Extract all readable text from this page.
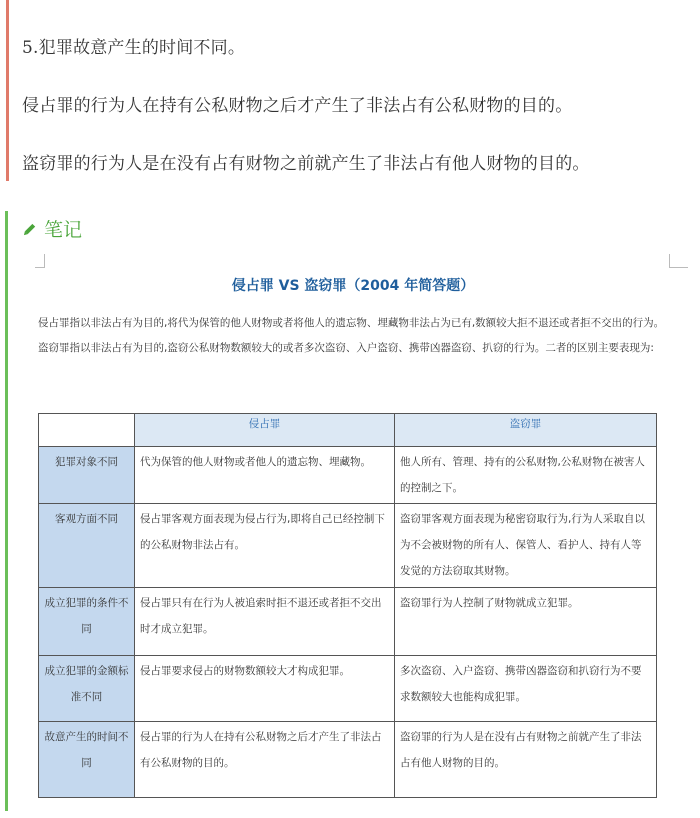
5.犯罪故意产生的时间不同。
侵占罪的行为人在持有公私财物之后才产生了非法占有公私财物的目的。
盗窃罪的行为人是在没有占有财物之前就产生了非法占有他人财物的目的。
笔记
侵占罪 VS 盗窃罪（2004 年简答题）
侵占罪指以非法占有为目的,将代为保管的他人财物或者将他人的遗忘物、埋藏物非法占为已有,数额较大拒不退还或者拒不交出的行为。盗窃罪指以非法占有为目的,盗窃公私财物数额较大的或者多次盗窃、入户盗窃、携带凶器盗窃、扒窃的行为。二者的区别主要表现为:
	侵占罪	盗窃罪
犯罪对象不同	代为保管的他人财物或者他人的遗忘物、埋藏物。	他人所有、管理、持有的公私财物,公私财物在被害人的控制之下。
客观方面不同	侵占罪客观方面表现为侵占行为,即将自己已经控制下的公私财物非法占有。	盗窃罪客观方面表现为秘密窃取行为,行为人采取自以为不会被财物的所有人、保管人、看护人、持有人等发觉的方法窃取其财物。
成立犯罪的条件不同	侵占罪只有在行为人被追索时拒不退还或者拒不交出时才成立犯罪。	盗窃罪行为人控制了财物就成立犯罪。
成立犯罪的金额标准不同	侵占罪要求侵占的财物数额较大才构成犯罪。	多次盗窃、入户盗窃、携带凶器盗窃和扒窃行为不要求数额较大也能构成犯罪。
故意产生的时间不同	侵占罪的行为人在持有公私财物之后才产生了非法占有公私财物的目的。	盗窃罪的行为人是在没有占有财物之前就产生了非法占有他人财物的目的。
